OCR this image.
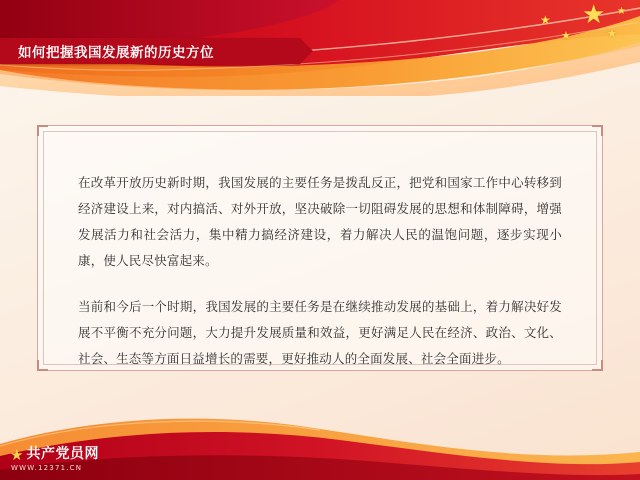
★
★
★	★
★
如何把握我国发展新的历史方位

在改革开放历史新时期，我国发展的主要任务是拨乱反正，把党和国家工作中心转移到经济建设上来，对内搞活、对外开放，坚决破除一切阻碍发展的思想和体制障碍，增强发展活力和社会活力，集中精力搞经济建设，着力解决人民的温饱问题，逐步实现小康，使人民尽快富起来。

当前和今后一个时期，我国发展的主要任务是在继续推动发展的基础上，着力解决好发展不平衡不充分问题，大力提升发展质量和效益，更好满足人民在经济、政治、文化、社会、生态等方面日益增长的需要，更好推动人的全面发展、社会全面进步。

★ 共产党员网
WWW.12371.CN
